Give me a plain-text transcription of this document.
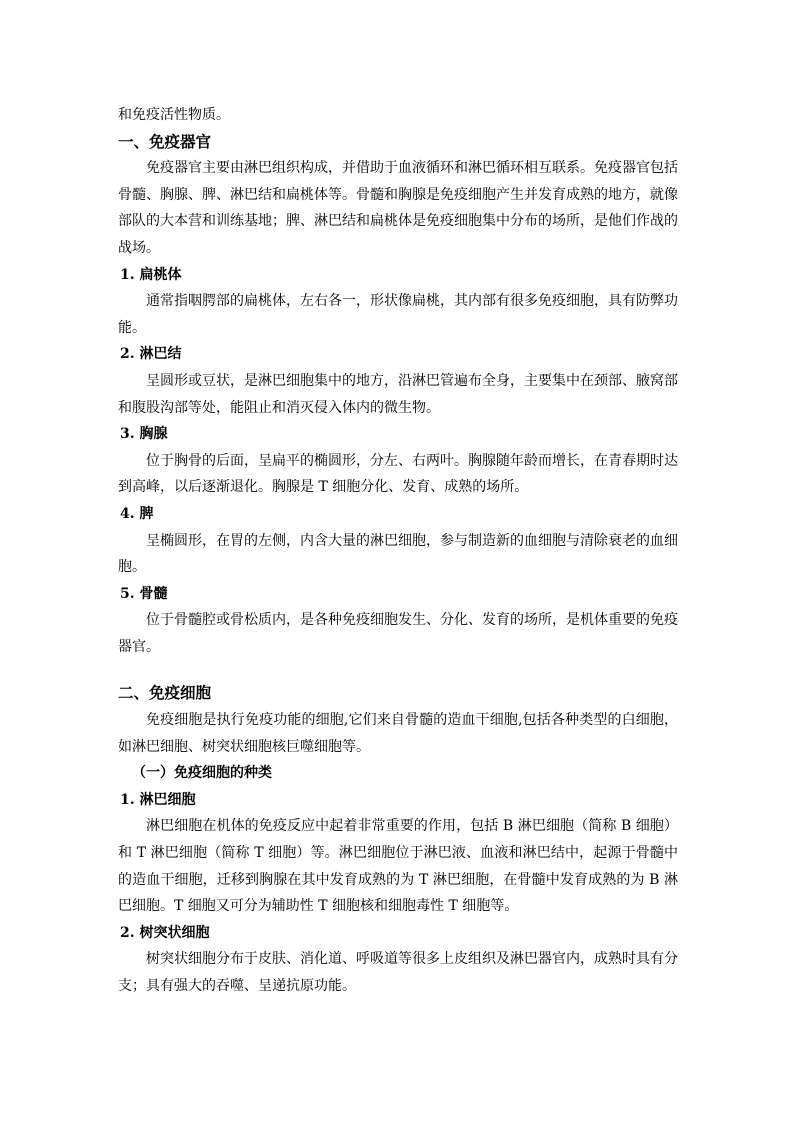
和免疫活性物质。

一、免疫器官

免疫器官主要由淋巴组织构成，并借助于血液循环和淋巴循环相互联系。免疫器官包括骨髓、胸腺、脾、淋巴结和扁桃体等。骨髓和胸腺是免疫细胞产生并发育成熟的地方，就像部队的大本营和训练基地；脾、淋巴结和扁桃体是免疫细胞集中分布的场所，是他们作战的战场。

1. 扁桃体

通常指咽腭部的扁桃体，左右各一，形状像扁桃，其内部有很多免疫细胞，具有防弊功能。

2. 淋巴结

呈圆形或豆状，是淋巴细胞集中的地方，沿淋巴管遍布全身，主要集中在颈部、腋窝部和腹股沟部等处，能阻止和消灭侵入体内的微生物。

3. 胸腺

位于胸骨的后面，呈扁平的椭圆形，分左、右两叶。胸腺随年龄而增长，在青春期时达到高峰，以后逐渐退化。胸腺是 T 细胞分化、发育、成熟的场所。

4. 脾

呈椭圆形，在胃的左侧，内含大量的淋巴细胞，参与制造新的血细胞与清除衰老的血细胞。

5. 骨髓

位于骨髓腔或骨松质内，是各种免疫细胞发生、分化、发育的场所，是机体重要的免疫器官。

二、免疫细胞

免疫细胞是执行免疫功能的细胞,它们来自骨髓的造血干细胞,包括各种类型的白细胞，如淋巴细胞、树突状细胞核巨噬细胞等。

（一）免疫细胞的种类
1. 淋巴细胞

淋巴细胞在机体的免疫反应中起着非常重要的作用，包括 B 淋巴细胞（简称 B 细胞）和 T 淋巴细胞（简称 T 细胞）等。淋巴细胞位于淋巴液、血液和淋巴结中，起源于骨髓中的造血干细胞，迁移到胸腺在其中发育成熟的为 T 淋巴细胞，在骨髓中发育成熟的为 B 淋巴细胞。T 细胞又可分为辅助性 T 细胞核和细胞毒性 T 细胞等。

2. 树突状细胞

树突状细胞分布于皮肤、消化道、呼吸道等很多上皮组织及淋巴器官内，成熟时具有分支；具有强大的吞噬、呈递抗原功能。
